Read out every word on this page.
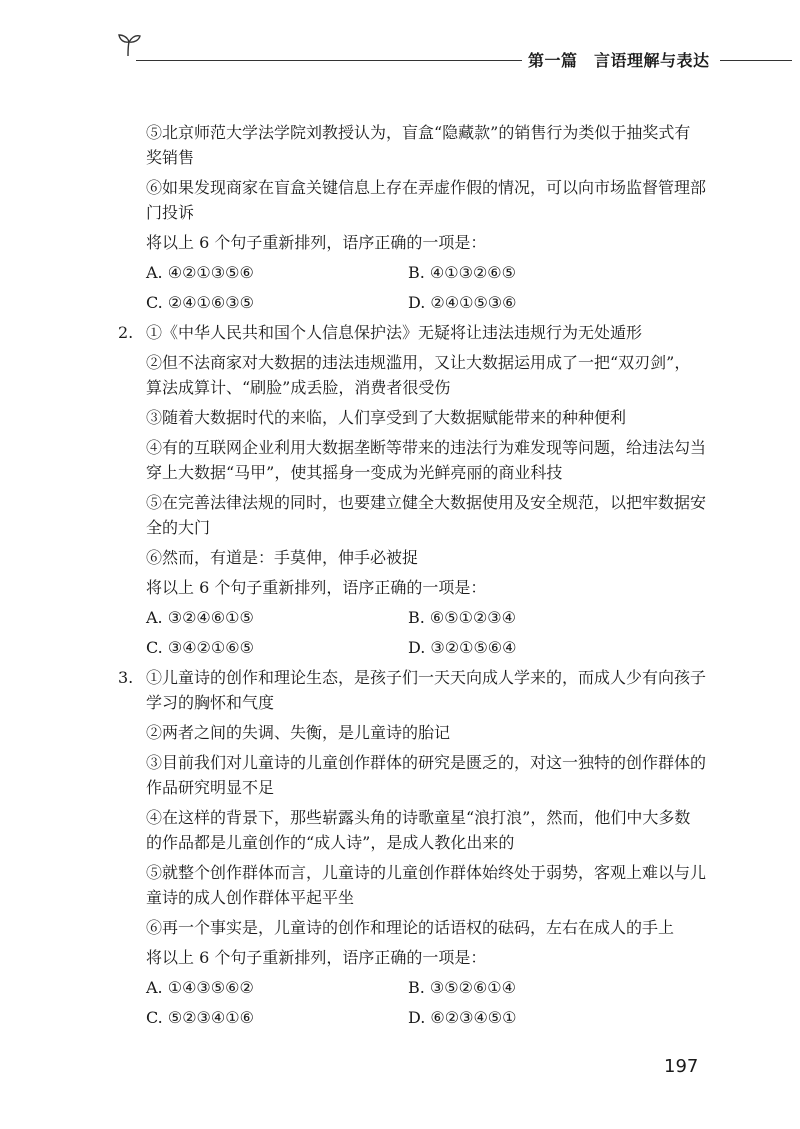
第一篇　言语理解与表达
⑤北京师范大学法学院刘教授认为，盲盒“隐藏款”的销售行为类似于抽奖式有
奖销售
⑥如果发现商家在盲盒关键信息上存在弄虚作假的情况，可以向市场监督管理部
门投诉
将以上 6 个句子重新排列，语序正确的一项是：
A. ④②①③⑤⑥	B. ④①③②⑥⑤
C. ②④①⑥③⑤	D. ②④①⑤③⑥
2. ①《中华人民共和国个人信息保护法》无疑将让违法违规行为无处遁形
②但不法商家对大数据的违法违规滥用，又让大数据运用成了一把“双刃剑”，
算法成算计、“刷脸”成丢脸，消费者很受伤
③随着大数据时代的来临，人们享受到了大数据赋能带来的种种便利
④有的互联网企业利用大数据垄断等带来的违法行为难发现等问题，给违法勾当
穿上大数据“马甲”，使其摇身一变成为光鲜亮丽的商业科技
⑤在完善法律法规的同时，也要建立健全大数据使用及安全规范，以把牢数据安
全的大门
⑥然而，有道是：手莫伸，伸手必被捉
将以上 6 个句子重新排列，语序正确的一项是：
A. ③②④⑥①⑤	B. ⑥⑤①②③④
C. ③④②①⑥⑤	D. ③②①⑤⑥④
3. ①儿童诗的创作和理论生态，是孩子们一天天向成人学来的，而成人少有向孩子
学习的胸怀和气度
②两者之间的失调、失衡，是儿童诗的胎记
③目前我们对儿童诗的儿童创作群体的研究是匮乏的，对这一独特的创作群体的
作品研究明显不足
④在这样的背景下，那些崭露头角的诗歌童星“浪打浪”，然而，他们中大多数
的作品都是儿童创作的“成人诗”，是成人教化出来的
⑤就整个创作群体而言，儿童诗的儿童创作群体始终处于弱势，客观上难以与儿
童诗的成人创作群体平起平坐
⑥再一个事实是，儿童诗的创作和理论的话语权的砝码，左右在成人的手上
将以上 6 个句子重新排列，语序正确的一项是：
A. ①④③⑤⑥②	B. ③⑤②⑥①④
C. ⑤②③④①⑥	D. ⑥②③④⑤①
197
